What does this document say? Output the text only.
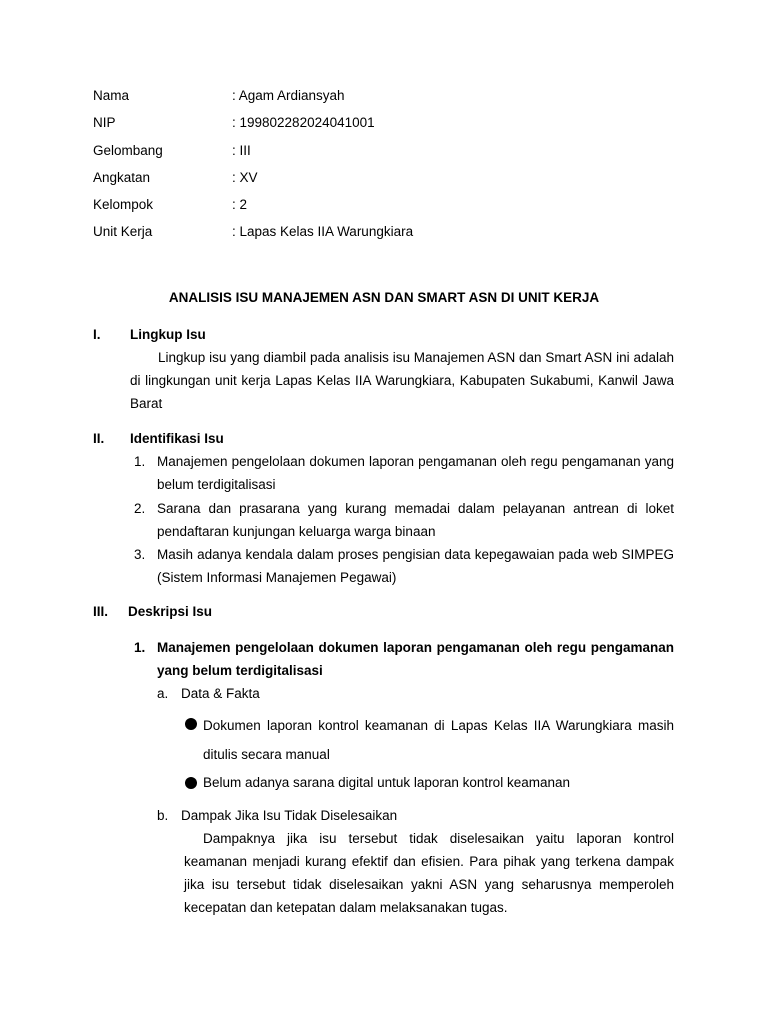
Nama	: Agam Ardiansyah
NIP	: 199802282024041001
Gelombang	: III
Angkatan	: XV
Kelompok	: 2
Unit Kerja	: Lapas Kelas IIA Warungkiara
ANALISIS ISU MANAJEMEN ASN DAN SMART ASN DI UNIT KERJA
I. Lingkup Isu
Lingkup isu yang diambil pada analisis isu Manajemen ASN dan Smart ASN ini adalah di lingkungan unit kerja Lapas Kelas IIA Warungkiara, Kabupaten Sukabumi, Kanwil Jawa Barat
II. Identifikasi Isu
1. Manajemen pengelolaan dokumen laporan pengamanan oleh regu pengamanan yang belum terdigitalisasi
2. Sarana dan prasarana yang kurang memadai dalam pelayanan antrean di loket pendaftaran kunjungan keluarga warga binaan
3. Masih adanya kendala dalam proses pengisian data kepegawaian pada web SIMPEG (Sistem Informasi Manajemen Pegawai)
III. Deskripsi Isu
1. Manajemen pengelolaan dokumen laporan pengamanan oleh regu pengamanan yang belum terdigitalisasi
a. Data & Fakta
Dokumen laporan kontrol keamanan di Lapas Kelas IIA Warungkiara masih ditulis secara manual
Belum adanya sarana digital untuk laporan kontrol keamanan
b. Dampak Jika Isu Tidak Diselesaikan
Dampaknya jika isu tersebut tidak diselesaikan yaitu laporan kontrol keamanan menjadi kurang efektif dan efisien. Para pihak yang terkena dampak jika isu tersebut tidak diselesaikan yakni ASN yang seharusnya memperoleh kecepatan dan ketepatan dalam melaksanakan tugas.
